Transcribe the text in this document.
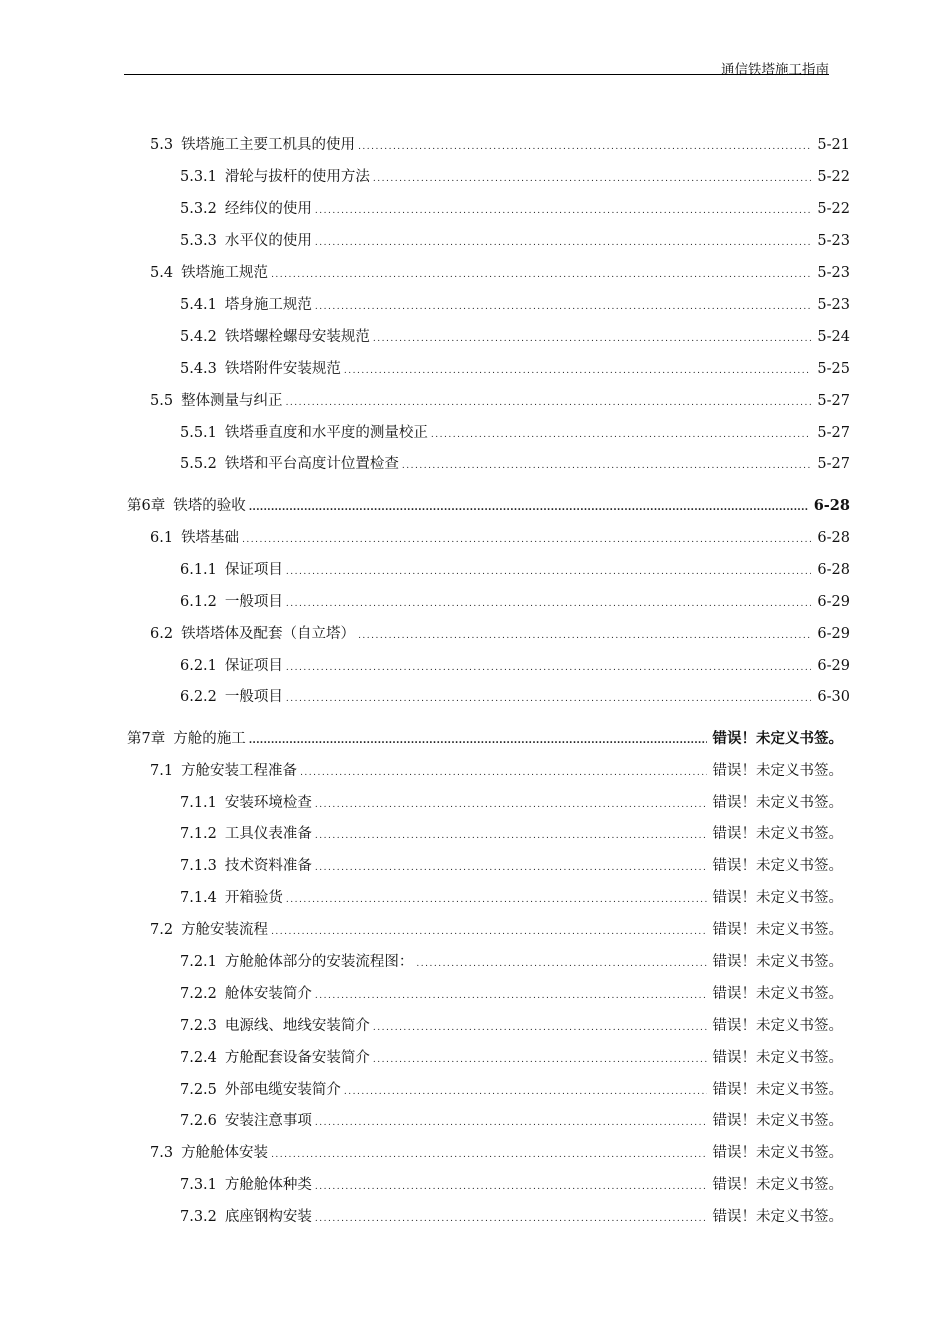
通信铁塔施工指南
5.3 铁塔施工主要工机具的使用 .....	5-21
5.3.1 滑轮与拔杆的使用方法 .....	5-22
5.3.2 经纬仪的使用 .....	5-22
5.3.3 水平仪的使用 .....	5-23
5.4 铁塔施工规范 .....	5-23
5.4.1 塔身施工规范 .....	5-23
5.4.2 铁塔螺栓螺母安装规范 .....	5-24
5.4.3 铁塔附件安装规范 .....	5-25
5.5 整体测量与纠正 .....	5-27
5.5.1 铁塔垂直度和水平度的测量校正 .....	5-27
5.5.2 铁塔和平台高度计位置检查 .....	5-27
第6章 铁塔的验收 .....	6-28
6.1 铁塔基础 .....	6-28
6.1.1 保证项目 .....	6-28
6.1.2 一般项目 .....	6-29
6.2 铁塔塔体及配套（自立塔） .....	6-29
6.2.1 保证项目 .....	6-29
6.2.2 一般项目 .....	6-30
第7章 方舱的施工 .....	错误！未定义书签。
7.1 方舱安装工程准备 .....	错误！未定义书签。
7.1.1 安装环境检查 .....	错误！未定义书签。
7.1.2 工具仪表准备 .....	错误！未定义书签。
7.1.3 技术资料准备 .....	错误！未定义书签。
7.1.4 开箱验货 .....	错误！未定义书签。
7.2 方舱安装流程 .....	错误！未定义书签。
7.2.1 方舱舱体部分的安装流程图： .....	错误！未定义书签。
7.2.2 舱体安装简介 .....	错误！未定义书签。
7.2.3 电源线、地线安装简介 .....	错误！未定义书签。
7.2.4 方舱配套设备安装简介 .....	错误！未定义书签。
7.2.5 外部电缆安装简介 .....	错误！未定义书签。
7.2.6 安装注意事项 .....	错误！未定义书签。
7.3 方舱舱体安装 .....	错误！未定义书签。
7.3.1 方舱舱体种类 .....	错误！未定义书签。
7.3.2 底座钢构安装 .....	错误！未定义书签。
